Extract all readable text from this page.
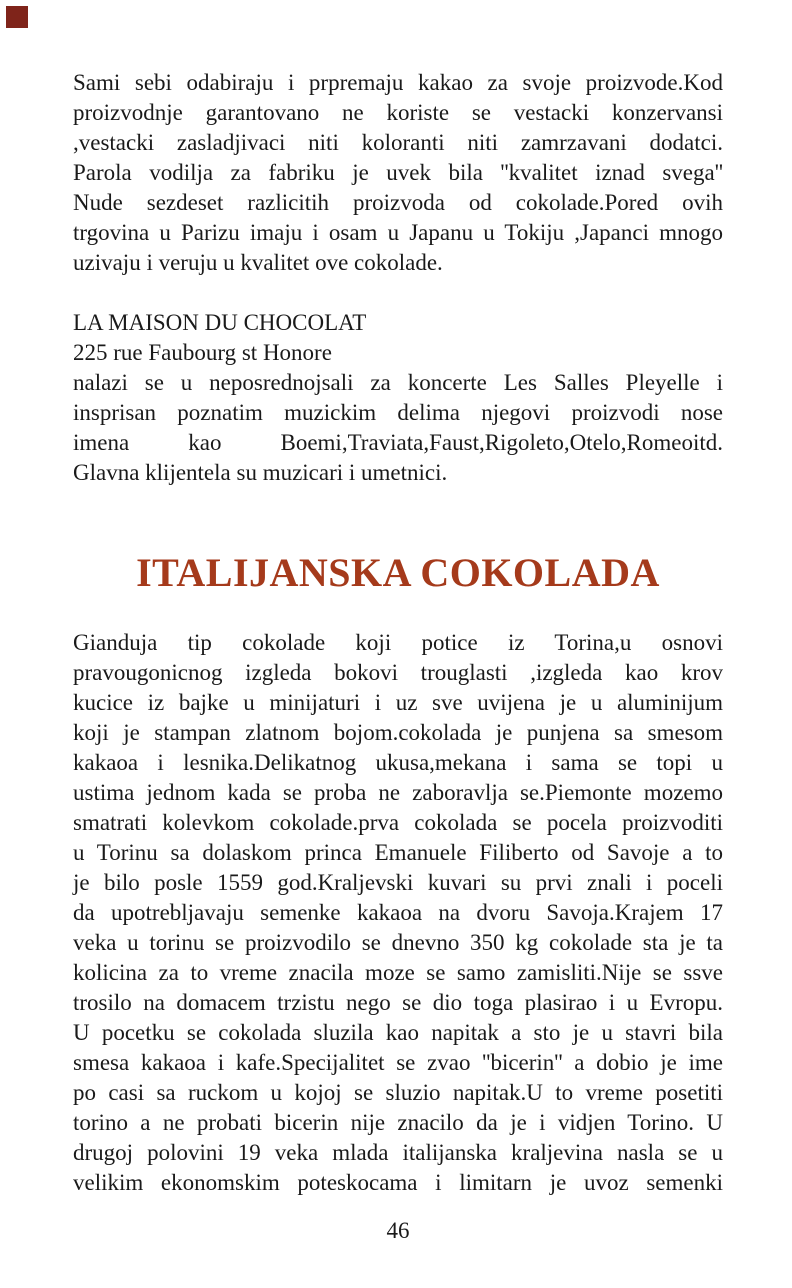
Sami sebi odabiraju i prpremaju kakao za svoje proizvode.Kod
proizvodnje garantovano ne koriste se vestacki konzervansi
,vestacki zasladjivaci niti koloranti niti zamrzavani dodatci.
Parola vodilja za fabriku je uvek bila ''kvalitet iznad svega''
Nude sezdeset razlicitih proizvoda od cokolade.Pored ovih
trgovina u Parizu imaju i osam u Japanu u Tokiju ,Japanci mnogo
uzivaju i veruju u kvalitet ove cokolade.
LA MAISON DU CHOCOLAT
225 rue Faubourg st Honore
nalazi se u neposrednojsali za koncerte Les Salles Pleyelle i
insprisan poznatim muzickim delima njegovi proizvodi nose
imena kao Boemi,Traviata,Faust,Rigoleto,Otelo,Romeoitd.
Glavna klijentela su muzicari i umetnici.
ITALIJANSKA COKOLADA
Gianduja tip cokolade koji potice iz Torina,u osnovi
pravougonicnog izgleda bokovi trouglasti ,izgleda kao krov
kucice iz bajke u minijaturi i uz sve uvijena je u aluminijum
koji je stampan zlatnom bojom.cokolada je punjena sa smesom
kakaoa i lesnika.Delikatnog ukusa,mekana i sama se topi u
ustima jednom kada se proba ne zaboravlja se.Piemonte mozemo
smatrati kolevkom cokolade.prva cokolada se pocela proizvoditi
u Torinu sa dolaskom princa Emanuele Filiberto od Savoje a to
je bilo posle 1559 god.Kraljevski kuvari su prvi znali i poceli
da upotrebljavaju semenke kakaoa na dvoru Savoja.Krajem 17
veka u torinu se proizvodilo se dnevno 350 kg cokolade sta je ta
kolicina za to vreme znacila moze se samo zamisliti.Nije se ssve
trosilo na domacem trzistu nego se dio toga plasirao i u Evropu.
U pocetku se cokolada sluzila kao napitak a sto je u stavri bila
smesa kakaoa i kafe.Specijalitet se zvao ''bicerin'' a dobio je ime
po casi sa ruckom u kojoj se sluzio napitak.U to vreme posetiti
torino a ne probati bicerin nije znacilo da je i vidjen Torino. U
drugoj polovini 19 veka mlada italijanska kraljevina nasla se u
velikim ekonomskim poteskocama i limitarn je uvoz semenki
46
